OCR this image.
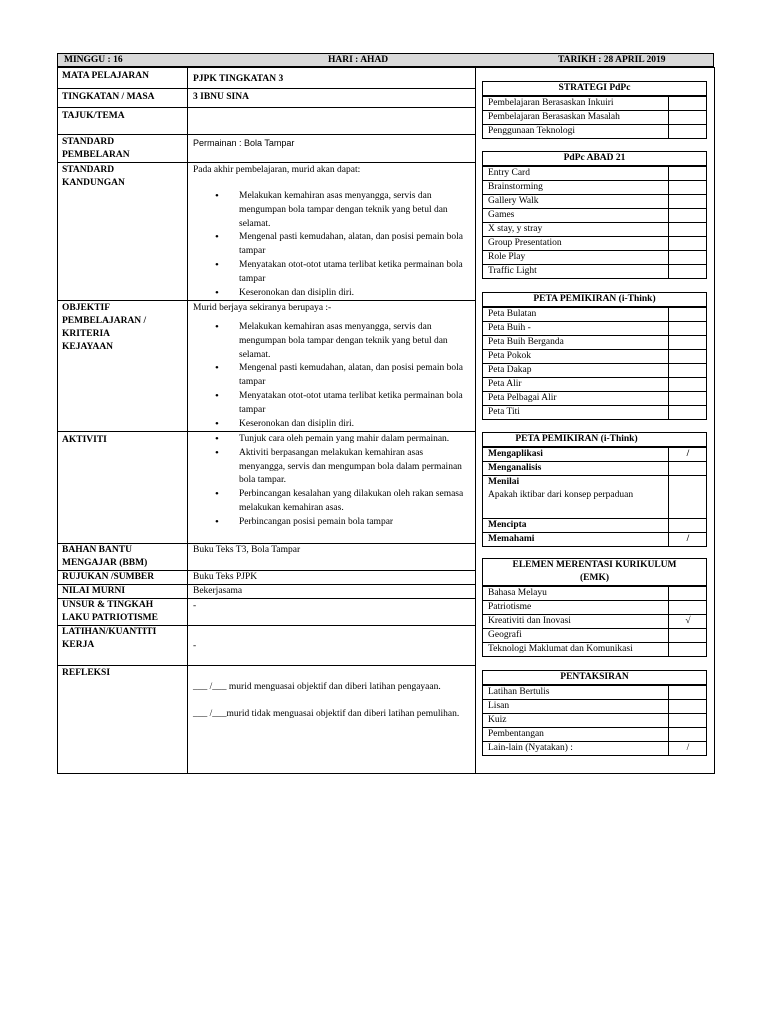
MINGGU : 16	HARI : AHAD	TARIKH : 28 APRIL 2019
MATA PELAJARAN	PJPK TINGKATAN 3
TINGKATAN / MASA	3 IBNU SINA
TAJUK/TEMA
STANDARD
PEMBELARAN
Permainan : Bola Tampar
STANDARD
KANDUNGAN
Pada akhir pembelajaran, murid akan dapat:
• Melakukan kemahiran asas menyangga, servis dan mengumpan bola tampar dengan teknik yang betul dan selamat.
• Mengenal pasti kemudahan, alatan, dan posisi pemain bola tampar
• Menyatakan otot-otot utama terlibat ketika permainan bola tampar
• Keseronokan dan disiplin diri.
OBJEKTIF
PEMBELAJARAN /
KRITERIA
KEJAYAAN
Murid berjaya sekiranya berupaya :-
• Melakukan kemahiran asas menyangga, servis dan mengumpan bola tampar dengan teknik yang betul dan selamat.
• Mengenal pasti kemudahan, alatan, dan posisi pemain bola tampar
• Menyatakan otot-otot utama terlibat ketika permainan bola tampar
• Keseronokan dan disiplin diri.
AKTIVITI
•	Tunjuk cara oleh pemain yang mahir dalam permainan.
• Aktiviti berpasangan melakukan kemahiran asas menyangga, servis dan mengumpan bola dalam permainan bola tampar.
• Perbincangan kesalahan yang dilakukan oleh rakan semasa melakukan kemahiran asas.
• Perbincangan posisi pemain bola tampar
BAHAN BANTU
MENGAJAR (BBM)
Buku Teks T3, Bola Tampar
RUJUKAN /SUMBER	Buku Teks PJPK
NILAI MURNI	Bekerjasama
UNSUR & TINGKAH
LAKU PATRIOTISME
-
LATIHAN/KUANTITI
KERJA	-
REFLEKSI
___ /___ murid menguasai objektif dan diberi latihan pengayaan.
___ /___murid tidak menguasai objektif dan diberi latihan pemulihan.
STRATEGI PdPc
Pembelajaran Berasaskan Inkuiri
Pembelajaran Berasaskan Masalah
Penggunaan Teknologi
PdPc ABAD 21
Entry Card
Brainstorming
Gallery Walk
Games
X stay, y stray
Group Presentation
Role Play
Traffic Light
PETA PEMIKIRAN (i-Think)
Peta Bulatan
Peta Buih -
Peta Buih Berganda
Peta Pokok
Peta Dakap
Peta Alir
Peta Pelbagai Alir
Peta Titi
PETA PEMIKIRAN (i-Think)
Mengaplikasi	/
Menganalisis
Menilai
Apakah iktibar dari konsep perpaduan
Mencipta
Memahami	/
ELEMEN MERENTASI KURIKULUM (EMK)
Bahasa Melayu
Patriotisme
Kreativiti dan Inovasi	√
Geografi
Teknologi Maklumat dan Komunikasi
PENTAKSIRAN
Latihan Bertulis
Lisan
Kuiz
Pembentangan
Lain-lain (Nyatakan) :	/
